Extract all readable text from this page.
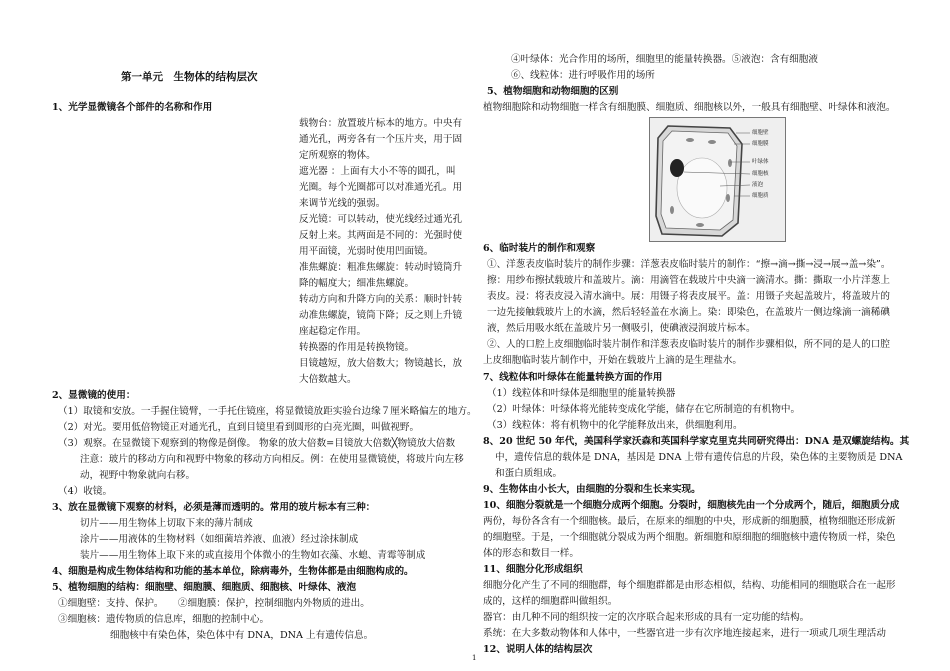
第一单元　生物体的结构层次
1、光学显微镜各个部件的名称和作用
载物台：放置玻片标本的地方。中央有
通光孔，两旁各有一个压片夹，用于固
定所观察的物体。
遮光器 ：上面有大小不等的圆孔，叫
光圈。每个光圈都可以对准通光孔。用
来调节光线的强弱。
反光镜：可以转动，使光线经过通光孔
反射上来。其两面是不同的：光强时使
用平面镜，光弱时使用凹面镜。
准焦螺旋：粗准焦螺旋：转动时镜筒升
降的幅度大；细准焦螺旋。
转动方向和升降方向的关系：顺时针转
动准焦螺旋，镜筒下降；反之则上升镜
座起稳定作用。
转换器的作用是转换物镜。
目镜越短，放大倍数大；物镜越长，放
大倍数越大。
2、显微镜的使用：
（1）取镜和安放。一手握住镜臂，一手托住镜座，将显微镜放距实验台边缘７厘米略偏左的地方。
（2）对光。要用低倍物镜正对通光孔，直到目镜里看到圆形的白亮光圈，叫做视野。
（3）观察。在显微镜下观察到的物像是倒像。 物象的放大倍数=目镜放大倍数╳物镜放大倍数
注意：玻片的移动方向和视野中物象的移动方向相反。例：在使用显微镜使，将玻片向左移
动，视野中物象就向右移。
（4）收镜。
3、放在显微镜下观察的材料，必须是薄而透明的。常用的玻片标本有三种：
切片——用生物体上切取下来的薄片制成
涂片——用液体的生物材料（如细菌培养液、血液）经过涂抹制成
装片——用生物体上取下来的或直接用个体微小的生物如衣藻、水螅、青霉等制成
4、细胞是构成生物体结构和功能的基本单位，除病毒外，生物体都是由细胞构成的。
5、植物细胞的结构：细胞壁、细胞膜、细胞质、细胞核、叶绿体、液泡
①细胞壁：支持、保护。　　②细胞膜：保护，控制细胞内外物质的进出。
③细胞核：遗传物质的信息库，细胞的控制中心。
细胞核中有染色体，染色体中有 DNA，DNA 上有遗传信息。
④叶绿体：光合作用的场所，细胞里的能量转换器。⑤液泡：含有细胞液
⑥、线粒体：进行呼吸作用的场所
5、植物细胞和动物细胞的区别
植物细胞除和动物细胞一样含有细胞膜、细胞质、细胞核以外，一般具有细胞壁、叶绿体和液泡。
6、临时装片的制作和观察
①、洋葱表皮临时装片的制作步骤：洋葱表皮临时装片的制作：“擦→滴→撕→浸→展→盖→染”。
擦：用纱布擦拭载玻片和盖玻片。滴：用滴管在载玻片中央滴一滴清水。撕：撕取一小片洋葱上
表皮。浸：将表皮浸入清水滴中。展：用镊子将表皮展平。盖：用镊子夹起盖玻片，将盖玻片的
一边先接触载玻片上的水滴，然后轻轻盖在水滴上。染：即染色，在盖玻片一侧边缘滴一滴稀碘
液，然后用吸水纸在盖玻片另一侧吸引，使碘液浸润玻片标本。
②、人的口腔上皮细胞临时装片制作和洋葱表皮临时装片的制作步骤相似，所不同的是人的口腔
上皮细胞临时装片制作中，开始在载玻片上滴的是生理盐水。
7、线粒体和叶绿体在能量转换方面的作用
（1）线粒体和叶绿体是细胞里的能量转换器
（2）叶绿体：叶绿体将光能转变成化学能，储存在它所制造的有机物中。
（3）线粒体：将有机物中的化学能释放出来，供细胞利用。
8、20 世纪 50 年代，美国科学家沃森和英国科学家克里克共同研究得出：DNA 是双螺旋结构。其
中，遗传信息的载体是 DNA，基因是 DNA 上带有遗传信息的片段，染色体的主要物质是 DNA
和蛋白质组成。
9、生物体由小长大，由细胞的分裂和生长来实现。
10、细胞分裂就是一个细胞分成两个细胞。分裂时，细胞核先由一个分成两个，随后，细胞质分成
两份，每份各含有一个细胞核。最后，在原来的细胞的中央，形成新的细胞膜，植物细胞还形成新
的细胞壁。于是，一个细胞就分裂成为两个细胞。新细胞和原细胞的细胞核中遗传物质一样，染色
体的形态和数目一样。
11、细胞分化形成组织
细胞分化产生了不同的细胞群，每个细胞群都是由形态相似，结构、功能相同的细胞联合在一起形
成的，这样的细胞群叫做组织。
器官：由几种不同的组织按一定的次序联合起来形成的具有一定功能的结构。
系统：在大多数动物体和人体中，一些器官进一步有次序地连接起来，进行一项或几项生理活动
12、说明人体的结构层次
细胞壁
细胞膜
叶绿体
细胞核
液泡
细胞质
1
